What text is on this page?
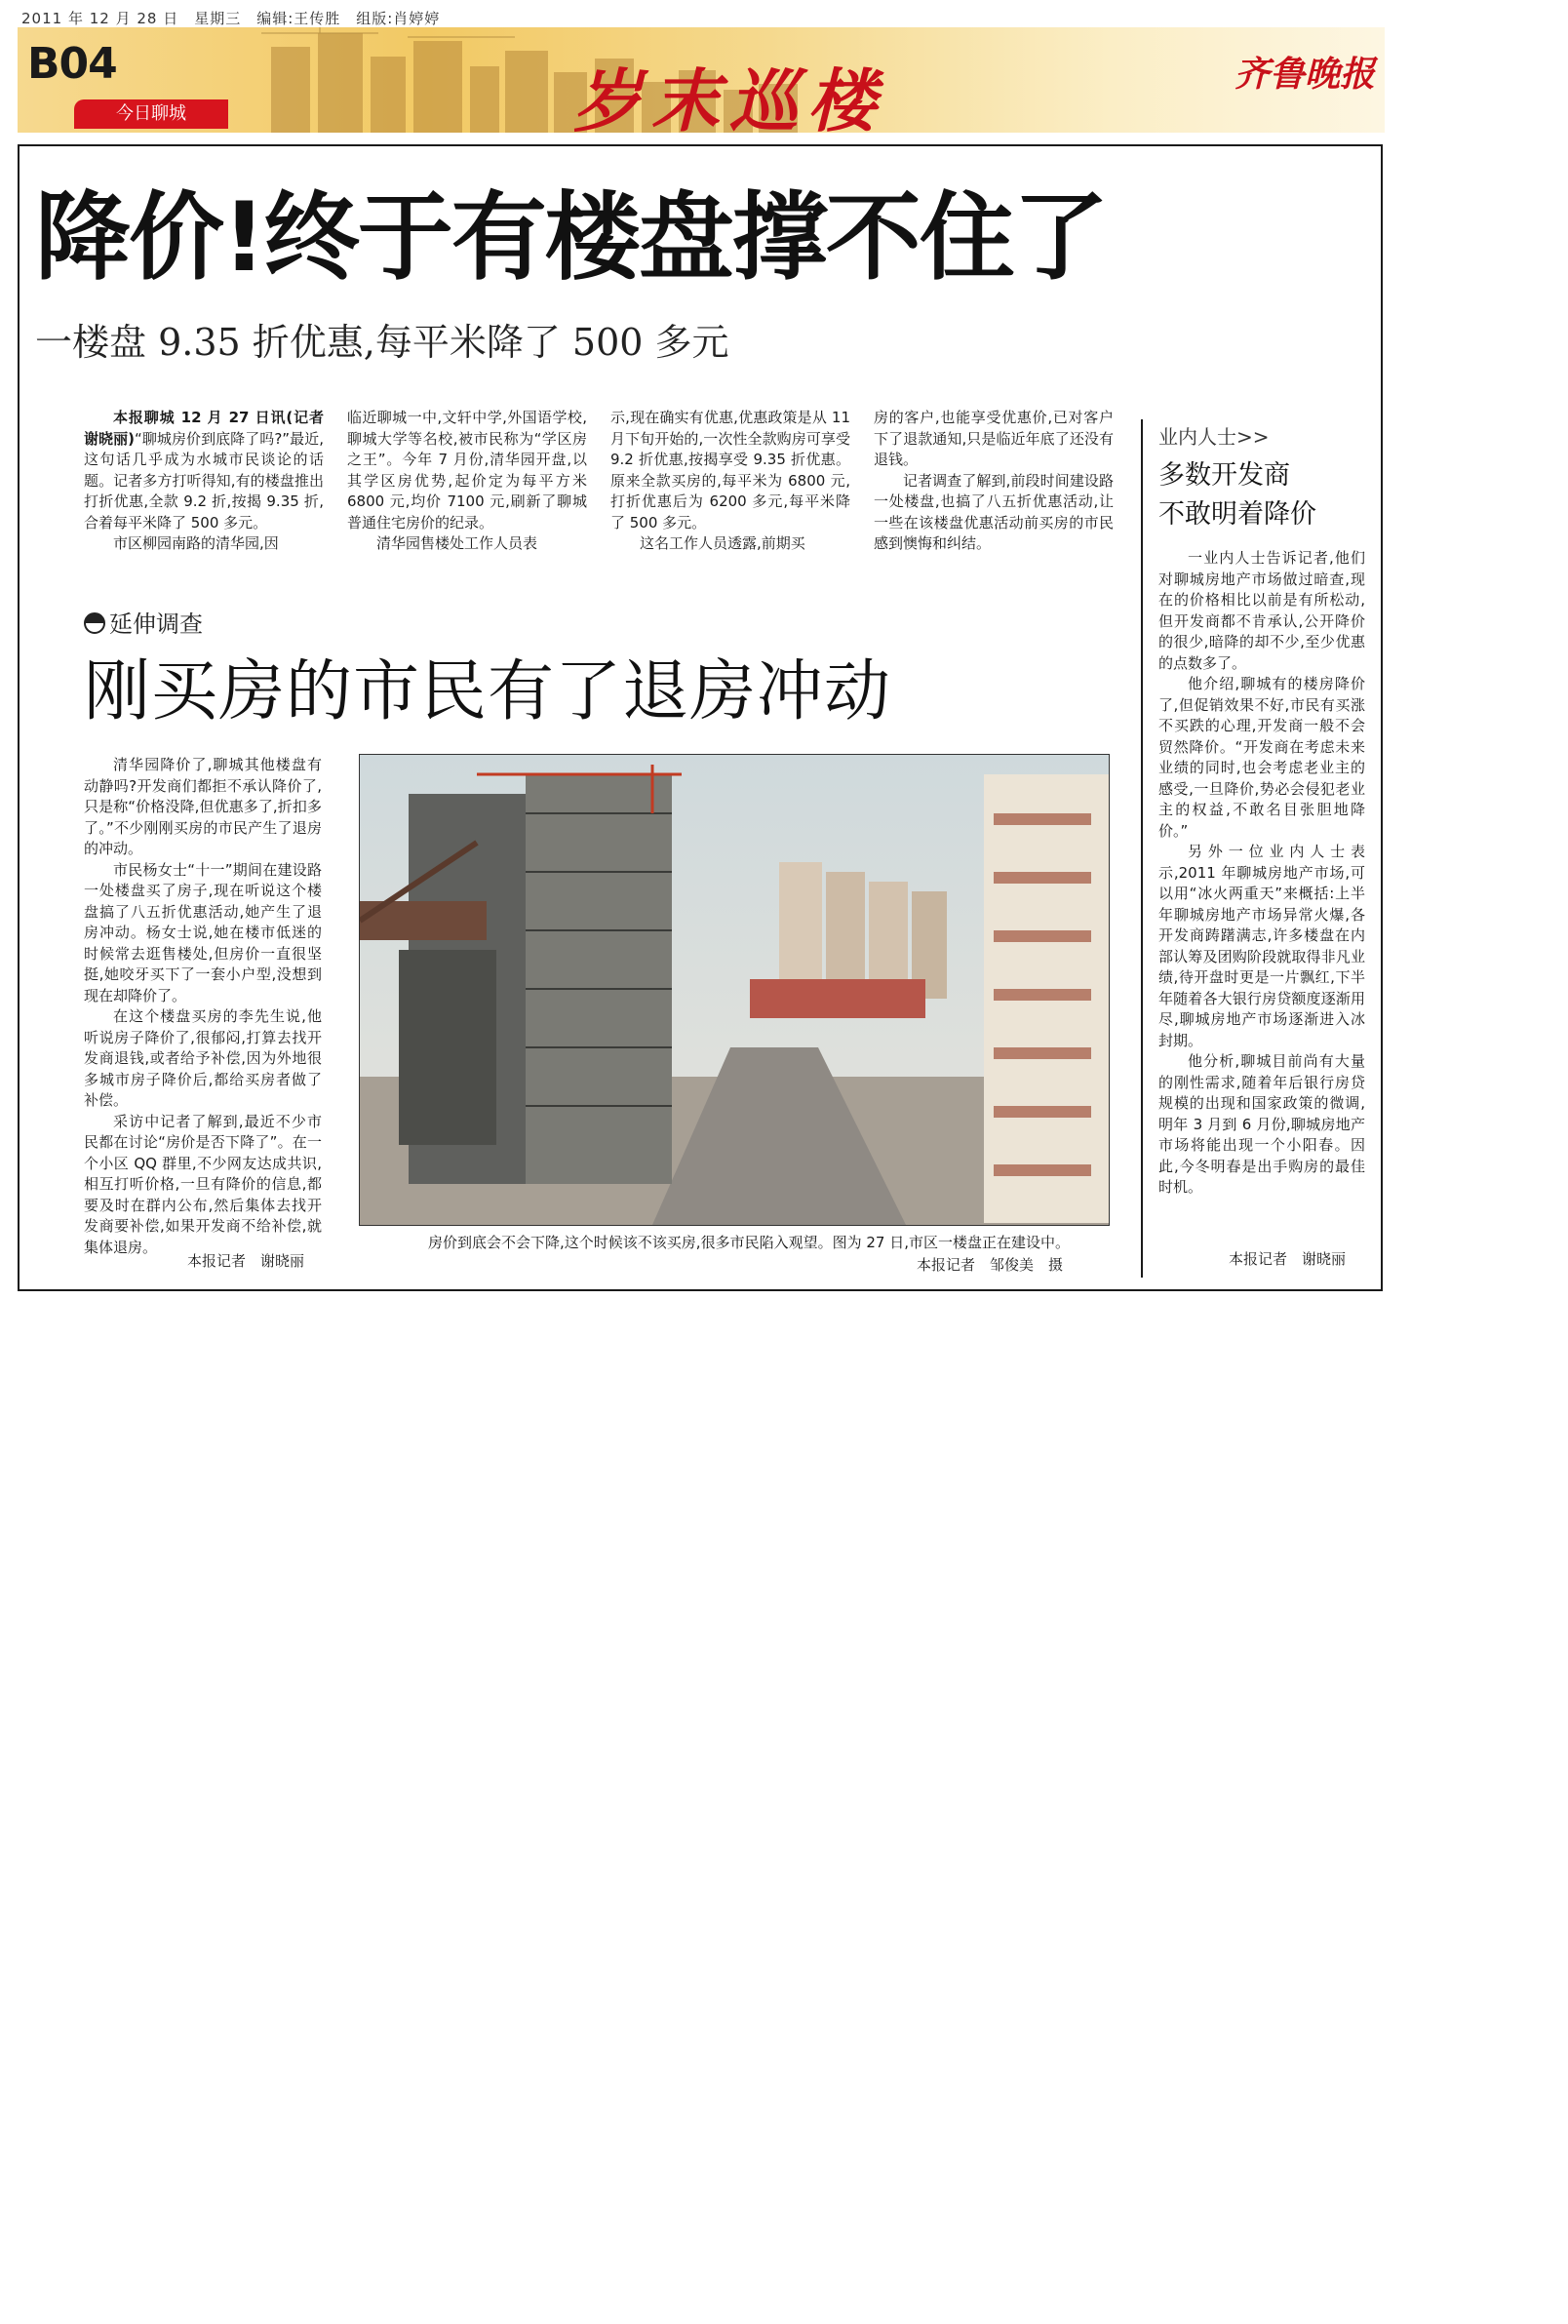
2011 年 12 月 28 日　星期三　编辑:王传胜　组版:肖婷婷
B04
今日聊城	岁末巡楼	齐鲁晚报
降价!终于有楼盘撑不住了
一楼盘 9.35 折优惠,每平米降了 500 多元

本报聊城 12 月 27 日讯(记者 谢晓丽)“聊城房价到底降了吗?”最近,这句话几乎成为水城市民谈论的话题。记者多方打听得知,有的楼盘推出打折优惠,全款 9.2 折,按揭 9.35 折,合着每平米降了 500 多元。

市区柳园南路的清华园,因

临近聊城一中,文轩中学,外国语学校,聊城大学等名校,被市民称为“学区房之王”。今年 7 月份,清华园开盘,以其学区房优势,起价定为每平方米 6800 元,均价 7100 元,刷新了聊城普通住宅房价的纪录。

清华园售楼处工作人员表

示,现在确实有优惠,优惠政策是从 11 月下旬开始的,一次性全款购房可享受 9.2 折优惠,按揭享受 9.35 折优惠。原来全款买房的,每平米为 6800 元,打折优惠后为 6200 多元,每平米降了 500 多元。

这名工作人员透露,前期买

房的客户,也能享受优惠价,已对客户下了退款通知,只是临近年底了还没有退钱。

记者调查了解到,前段时间建设路一处楼盘,也搞了八五折优惠活动,让一些在该楼盘优惠活动前买房的市民感到懊悔和纠结。

业内人士>>
多数开发商
不敢明着降价

一业内人士告诉记者,他们对聊城房地产市场做过暗查,现在的价格相比以前是有所松动,但开发商都不肯承认,公开降价的很少,暗降的却不少,至少优惠的点数多了。

他介绍,聊城有的楼房降价了,但促销效果不好,市民有买涨不买跌的心理,开发商一般不会贸然降价。“开发商在考虑未来业绩的同时,也会考虑老业主的感受,一旦降价,势必会侵犯老业主的权益,不敢名目张胆地降价。”

另外一位业内人士表示,2011 年聊城房地产市场,可以用“冰火两重天”来概括:上半年聊城房地产市场异常火爆,各开发商踌躇满志,许多楼盘在内部认筹及团购阶段就取得非凡业绩,待开盘时更是一片飘红,下半年随着各大银行房贷额度逐渐用尽,聊城房地产市场逐渐进入冰封期。

他分析,聊城目前尚有大量的刚性需求,随着年后银行房贷规模的出现和国家政策的微调,明年 3 月到 6 月份,聊城房地产市场将能出现一个小阳春。因此,今冬明春是出手购房的最佳时机。

本报记者　谢晓丽
延伸调查
刚买房的市民有了退房冲动

清华园降价了,聊城其他楼盘有动静吗?开发商们都拒不承认降价了,只是称“价格没降,但优惠多了,折扣多了。”不少刚刚买房的市民产生了退房的冲动。

市民杨女士“十一”期间在建设路一处楼盘买了房子,现在听说这个楼盘搞了八五折优惠活动,她产生了退房冲动。杨女士说,她在楼市低迷的时候常去逛售楼处,但房价一直很坚挺,她咬牙买下了一套小户型,没想到现在却降价了。

在这个楼盘买房的李先生说,他听说房子降价了,很郁闷,打算去找开发商退钱,或者给予补偿,因为外地很多城市房子降价后,都给买房者做了补偿。

采访中记者了解到,最近不少市民都在讨论“房价是否下降了”。在一个小区 QQ 群里,不少网友达成共识,相互打听价格,一旦有降价的信息,都要及时在群内公布,然后集体去找开发商要补偿,如果开发商不给补偿,就集体退房。

本报记者　谢晓丽
房价到底会不会下降,这个时候该不该买房,很多市民陷入观望。图为 27 日,市区一楼盘正在建设中。
本报记者　邹俊美　摄
